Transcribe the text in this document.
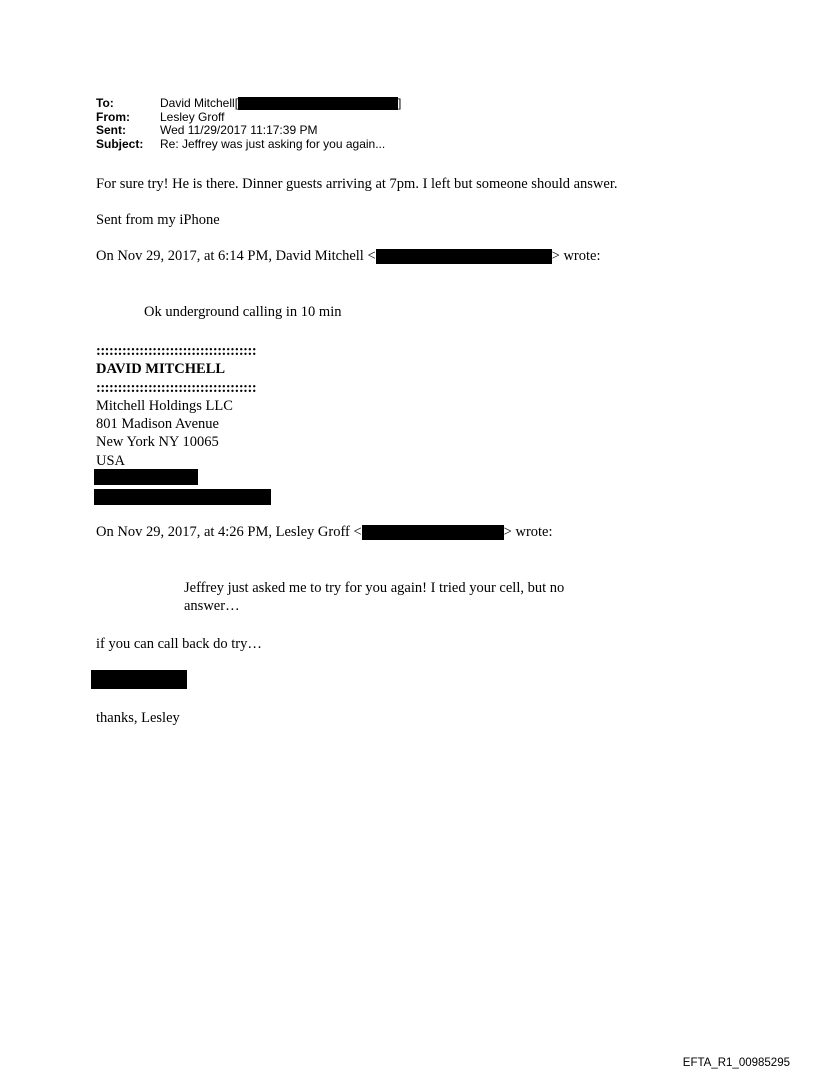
To:	David Mitchell[	]
From:	Lesley Groff
Sent:	Wed 11/29/2017 11:17:39 PM
Subject:	Re: Jeffrey was just asking for you again...
For sure try! He is there. Dinner guests arriving at 7pm. I left but someone should answer.
Sent from my iPhone
On Nov 29, 2017, at 6:14 PM, David Mitchell <	> wrote:
Ok underground calling in 10 min
:::::::::::::::::::::::::::::::::::::
DAVID MITCHELL
:::::::::::::::::::::::::::::::::::::
Mitchell Holdings LLC
801 Madison Avenue
New York NY 10065
USA
On Nov 29, 2017, at 4:26 PM, Lesley Groff <	> wrote:
Jeffrey just asked me to try for you again! I tried your cell, but no
answer…
if you can call back do try…
thanks, Lesley
EFTA_R1_00985295
